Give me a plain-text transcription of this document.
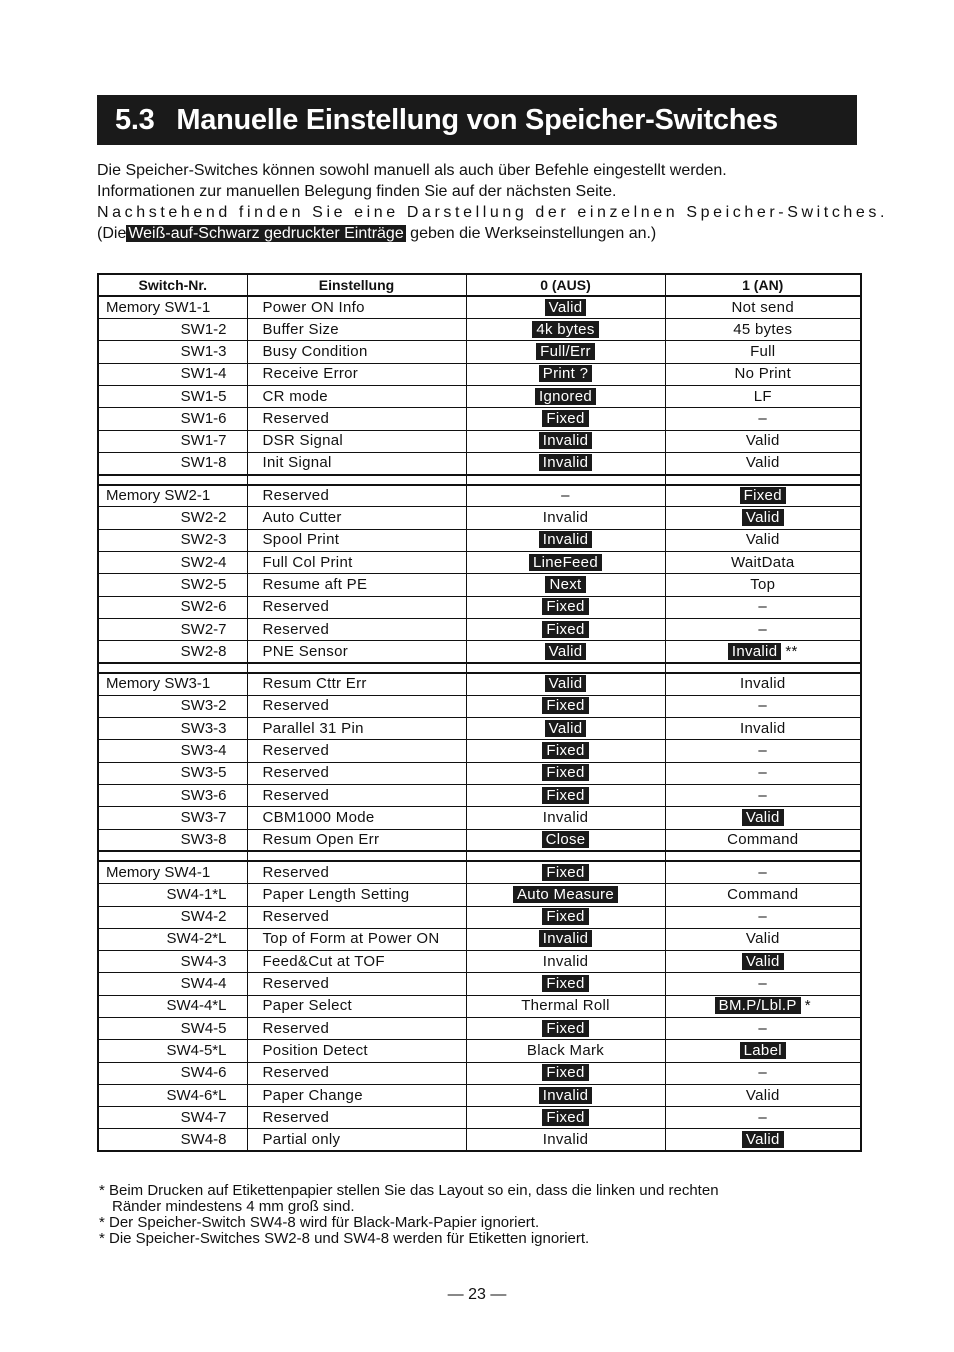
5.3 Manuelle Einstellung von Speicher-Switches

Die Speicher-Switches können sowohl manuell als auch über Befehle eingestellt werden.

Informationen zur manuellen Belegung finden Sie auf der nächsten Seite.

Nachstehend finden Sie eine Darstellung der einzelnen Speicher-Switches.

(Die Weiß-auf-Schwarz gedruckter Einträge geben die Werkseinstellungen an.)

Switch-Nr.	Einstellung	0 (AUS)	1 (AN)
Memory SW1-1	Power ON Info	Valid	Not send
SW1-2	Buffer Size	4k bytes	45 bytes
SW1-3	Busy Condition	Full/Err	Full
SW1-4	Receive Error	Print ?	No Print
SW1-5	CR mode	Ignored	LF
SW1-6	Reserved	Fixed	–
SW1-7	DSR Signal	Invalid	Valid
SW1-8	Init Signal	Invalid	Valid

Memory SW2-1	Reserved	–	Fixed
SW2-2	Auto Cutter	Invalid	Valid
SW2-3	Spool Print	Invalid	Valid
SW2-4	Full Col Print	LineFeed	WaitData
SW2-5	Resume aft PE	Next	Top
SW2-6	Reserved	Fixed	–
SW2-7	Reserved	Fixed	–
SW2-8	PNE Sensor	Valid	Invalid **

Memory SW3-1	Resum Cttr Err	Valid	Invalid
SW3-2	Reserved	Fixed	–
SW3-3	Parallel 31 Pin	Valid	Invalid
SW3-4	Reserved	Fixed	–
SW3-5	Reserved	Fixed	–
SW3-6	Reserved	Fixed	–
SW3-7	CBM1000 Mode	Invalid	Valid
SW3-8	Resum Open Err	Close	Command

Memory SW4-1	Reserved	Fixed	–
SW4-1*L	Paper Length Setting	Auto Measure	Command
SW4-2	Reserved	Fixed	–
SW4-2*L	Top of Form at Power ON	Invalid	Valid
SW4-3	Feed&Cut at TOF	Invalid	Valid
SW4-4	Reserved	Fixed	–
SW4-4*L	Paper Select	Thermal Roll	BM.P/Lbl.P *
SW4-5	Reserved	Fixed	–
SW4-5*L	Position Detect	Black Mark	Label
SW4-6	Reserved	Fixed	–
SW4-6*L	Paper Change	Invalid	Valid
SW4-7	Reserved	Fixed	–
SW4-8	Partial only	Invalid	Valid

* Beim Drucken auf Etikettenpapier stellen Sie das Layout so ein, dass die linken und rechten

Ränder mindestens 4 mm groß sind.

* Der Speicher-Switch SW4-8 wird für Black-Mark-Papier ignoriert.

* Die Speicher-Switches SW2-8 und SW4-8 werden für Etiketten ignoriert.

— 23 —
